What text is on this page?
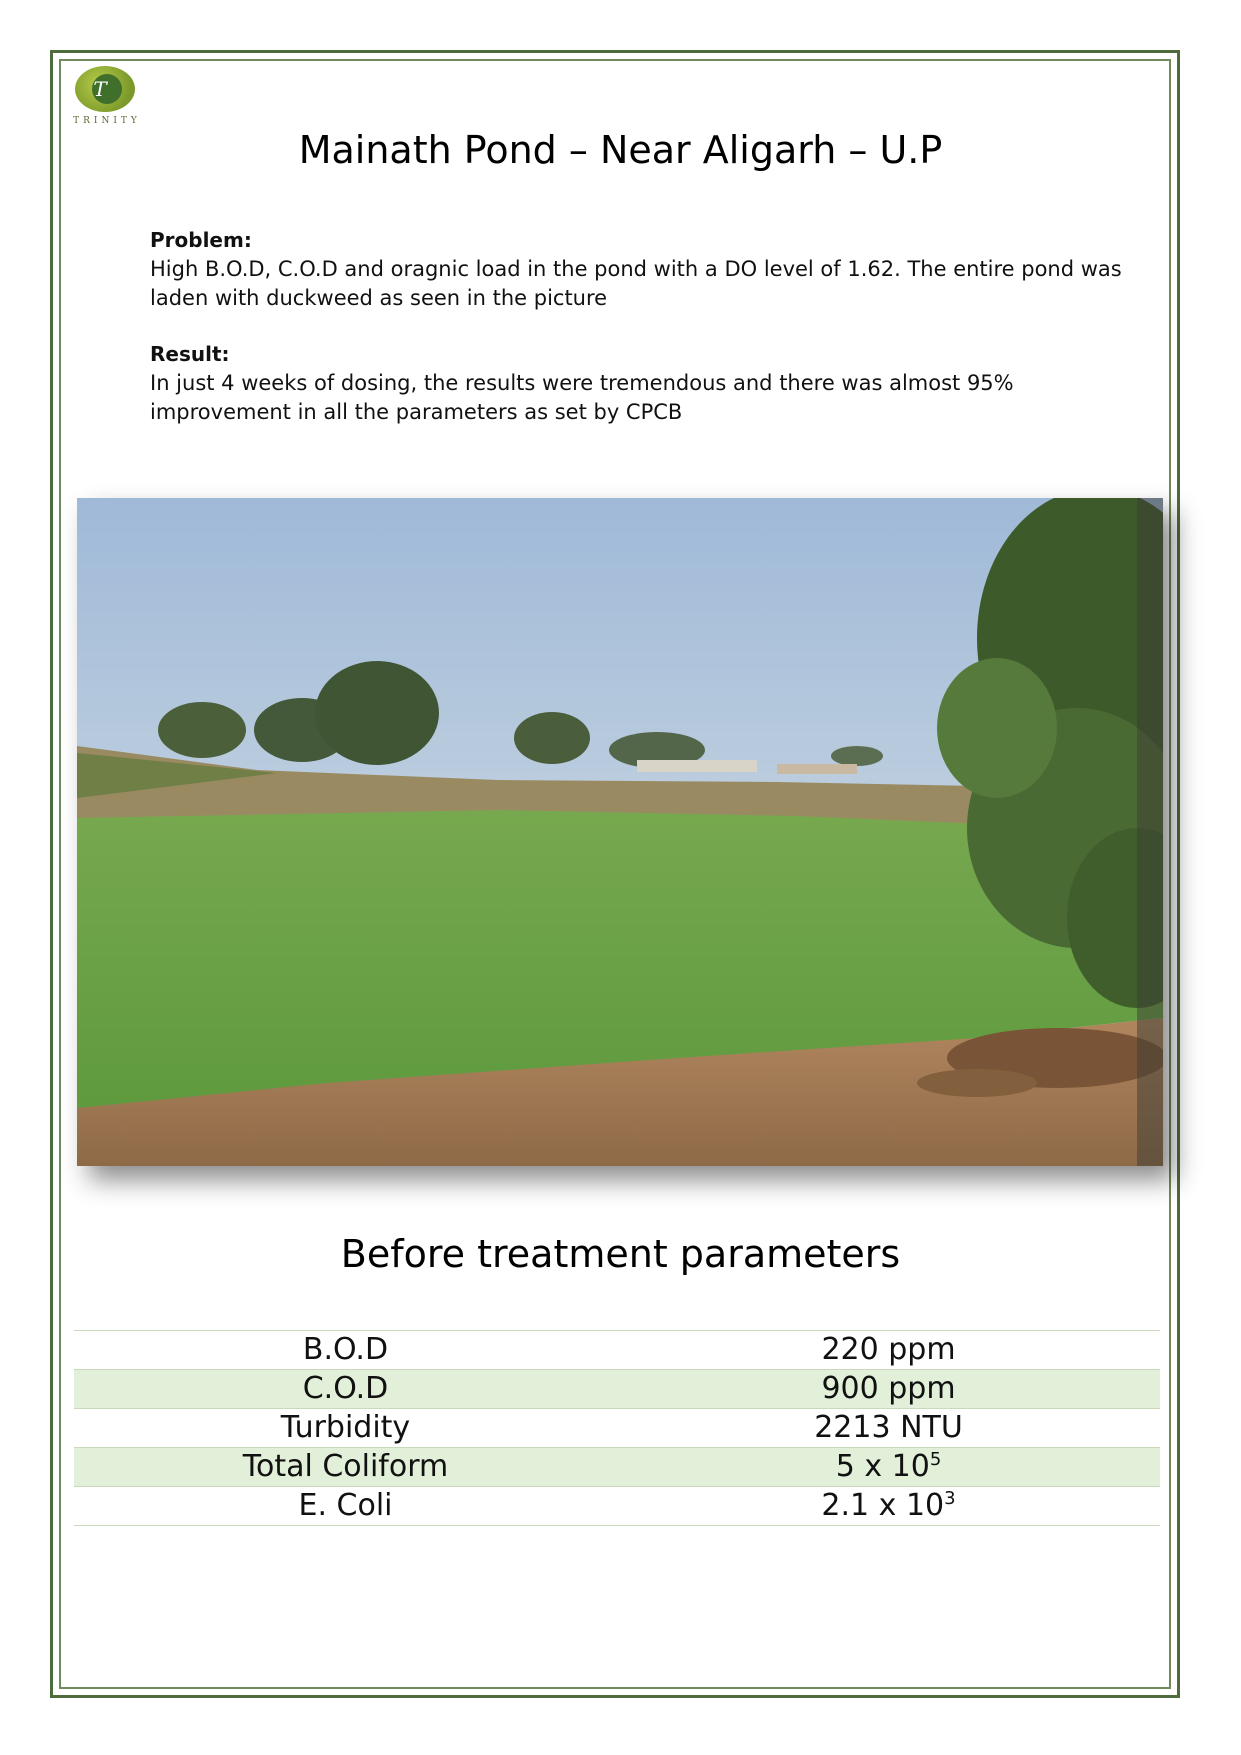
T
TRINITY
Mainath Pond – Near Aligarh – U.P
Problem:
High B.O.D, C.O.D and oragnic load in the pond with a DO level of 1.62. The entire pond was laden with duckweed as seen in the picture
Result:
In just 4 weeks of dosing, the results were tremendous and there was almost 95% improvement in all the parameters as set by CPCB
Before treatment parameters
B.O.D	220 ppm
C.O.D	900 ppm
Turbidity	2213 NTU
Total Coliform	5 x $10^5$
E. Coli	2.1 x $10^3$
